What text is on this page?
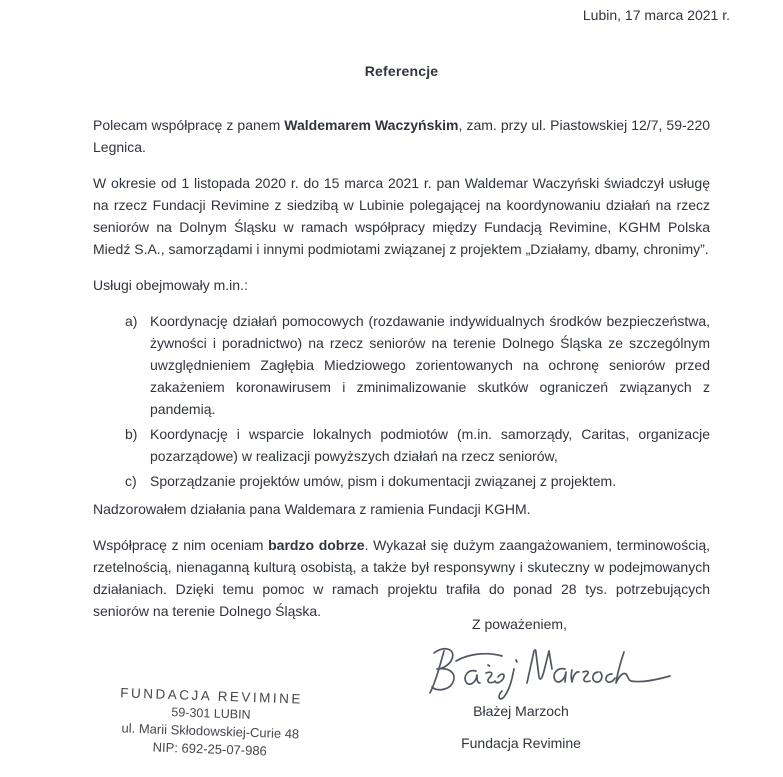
Lubin, 17 marca 2021 r.
Referencje

Polecam współpracę z panem Waldemarem Waczyńskim, zam. przy ul. Piastowskiej 12/7, 59-220 Legnica.

W okresie od 1 listopada 2020 r. do 15 marca 2021 r. pan Waldemar Waczyński świadczył usługę na rzecz Fundacji Revimine z siedzibą w Lubinie polegającej na koordynowaniu działań na rzecz seniorów na Dolnym Śląsku w ramach współpracy między Fundacją Revimine, KGHM Polska Miedź S.A., samorządami i innymi podmiotami związanej z projektem „Działamy, dbamy, chronimy”.

Usługi obejmowały m.in.:

a) Koordynację działań pomocowych (rozdawanie indywidualnych środków bezpieczeństwa, żywności i poradnictwo) na rzecz seniorów na terenie Dolnego Śląska ze szczególnym uwzględnieniem Zagłębia Miedziowego zorientowanych na ochronę seniorów przed zakażeniem koronawirusem i zminimalizowanie skutków ograniczeń związanych z pandemią.
b) Koordynację i wsparcie lokalnych podmiotów (m.in. samorządy, Caritas, organizacje pozarządowe) w realizacji powyższych działań na rzecz seniorów,
c) Sporządzanie projektów umów, pism i dokumentacji związanej z projektem.

Nadzorowałem działania pana Waldemara z ramienia Fundacji KGHM.

Współpracę z nim oceniam bardzo dobrze. Wykazał się dużym zaangażowaniem, terminowością, rzetelnością, nienaganną kulturą osobistą, a także był responsywny i skuteczny w podejmowanych działaniach. Dzięki temu pomoc w ramach projektu trafiła do ponad 28 tys. potrzebujących seniorów na terenie Dolnego Śląska.

Z poważeniem,
Błażej Marzoch
Fundacja Revimine
FUNDACJA REVIMINE
59-301 LUBIN
ul. Marii Skłodowskiej-Curie 48
NIP: 692-25-07-986
